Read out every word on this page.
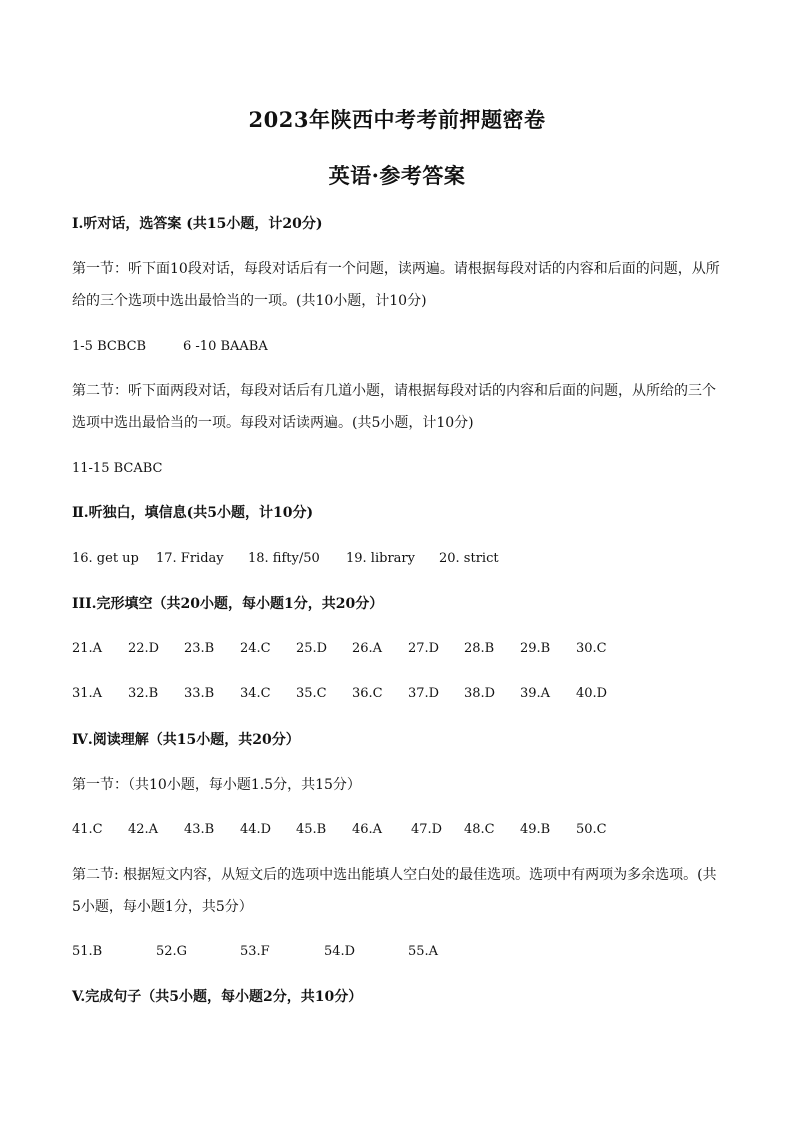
2023年陕西中考考前押题密卷
英语·参考答案
Ⅰ.听对话，选答案 (共15小题，计20分)
第一节：听下面10段对话，每段对话后有一个问题，读两遍。请根据每段对话的内容和后面的问题，从所
给的三个选项中选出最恰当的一项。(共10小题，计10分)
1-5 BCBCB	6 -10 BAABA
第二节：听下面两段对话，每段对话后有几道小题，请根据每段对话的内容和后面的问题，从所给的三个
选项中选出最恰当的一项。每段对话读两遍。(共5小题，计10分)
11-15 BCABC
Ⅱ.听独白，填信息(共5小题，计10分)
16. get up 17. Friday 18. fifty/50 19. library 20. strict
III.完形填空（共20小题，每小题1分，共20分）
21.A 22.D 23.B 24.C 25.D 26.A 27.D 28.B 29.B 30.C
31.A 32.B 33.B 34.C 35.C 36.C 37.D 38.D 39.A 40.D
Ⅳ.阅读理解（共15小题，共20分）
第一节：（共10小题，每小题1.5分，共15分）
41.C 42.A 43.B 44.D 45.B 46.A 47.D 48.C 49.B 50.C
第二节: 根据短文内容，从短文后的选项中选出能填人空白处的最佳选项。选项中有两项为多余选项。(共
5小题，每小题1分，共5分）
51.B	52.G	53.F	54.D	55.A
V.完成句子（共5小题，每小题2分，共10分）
